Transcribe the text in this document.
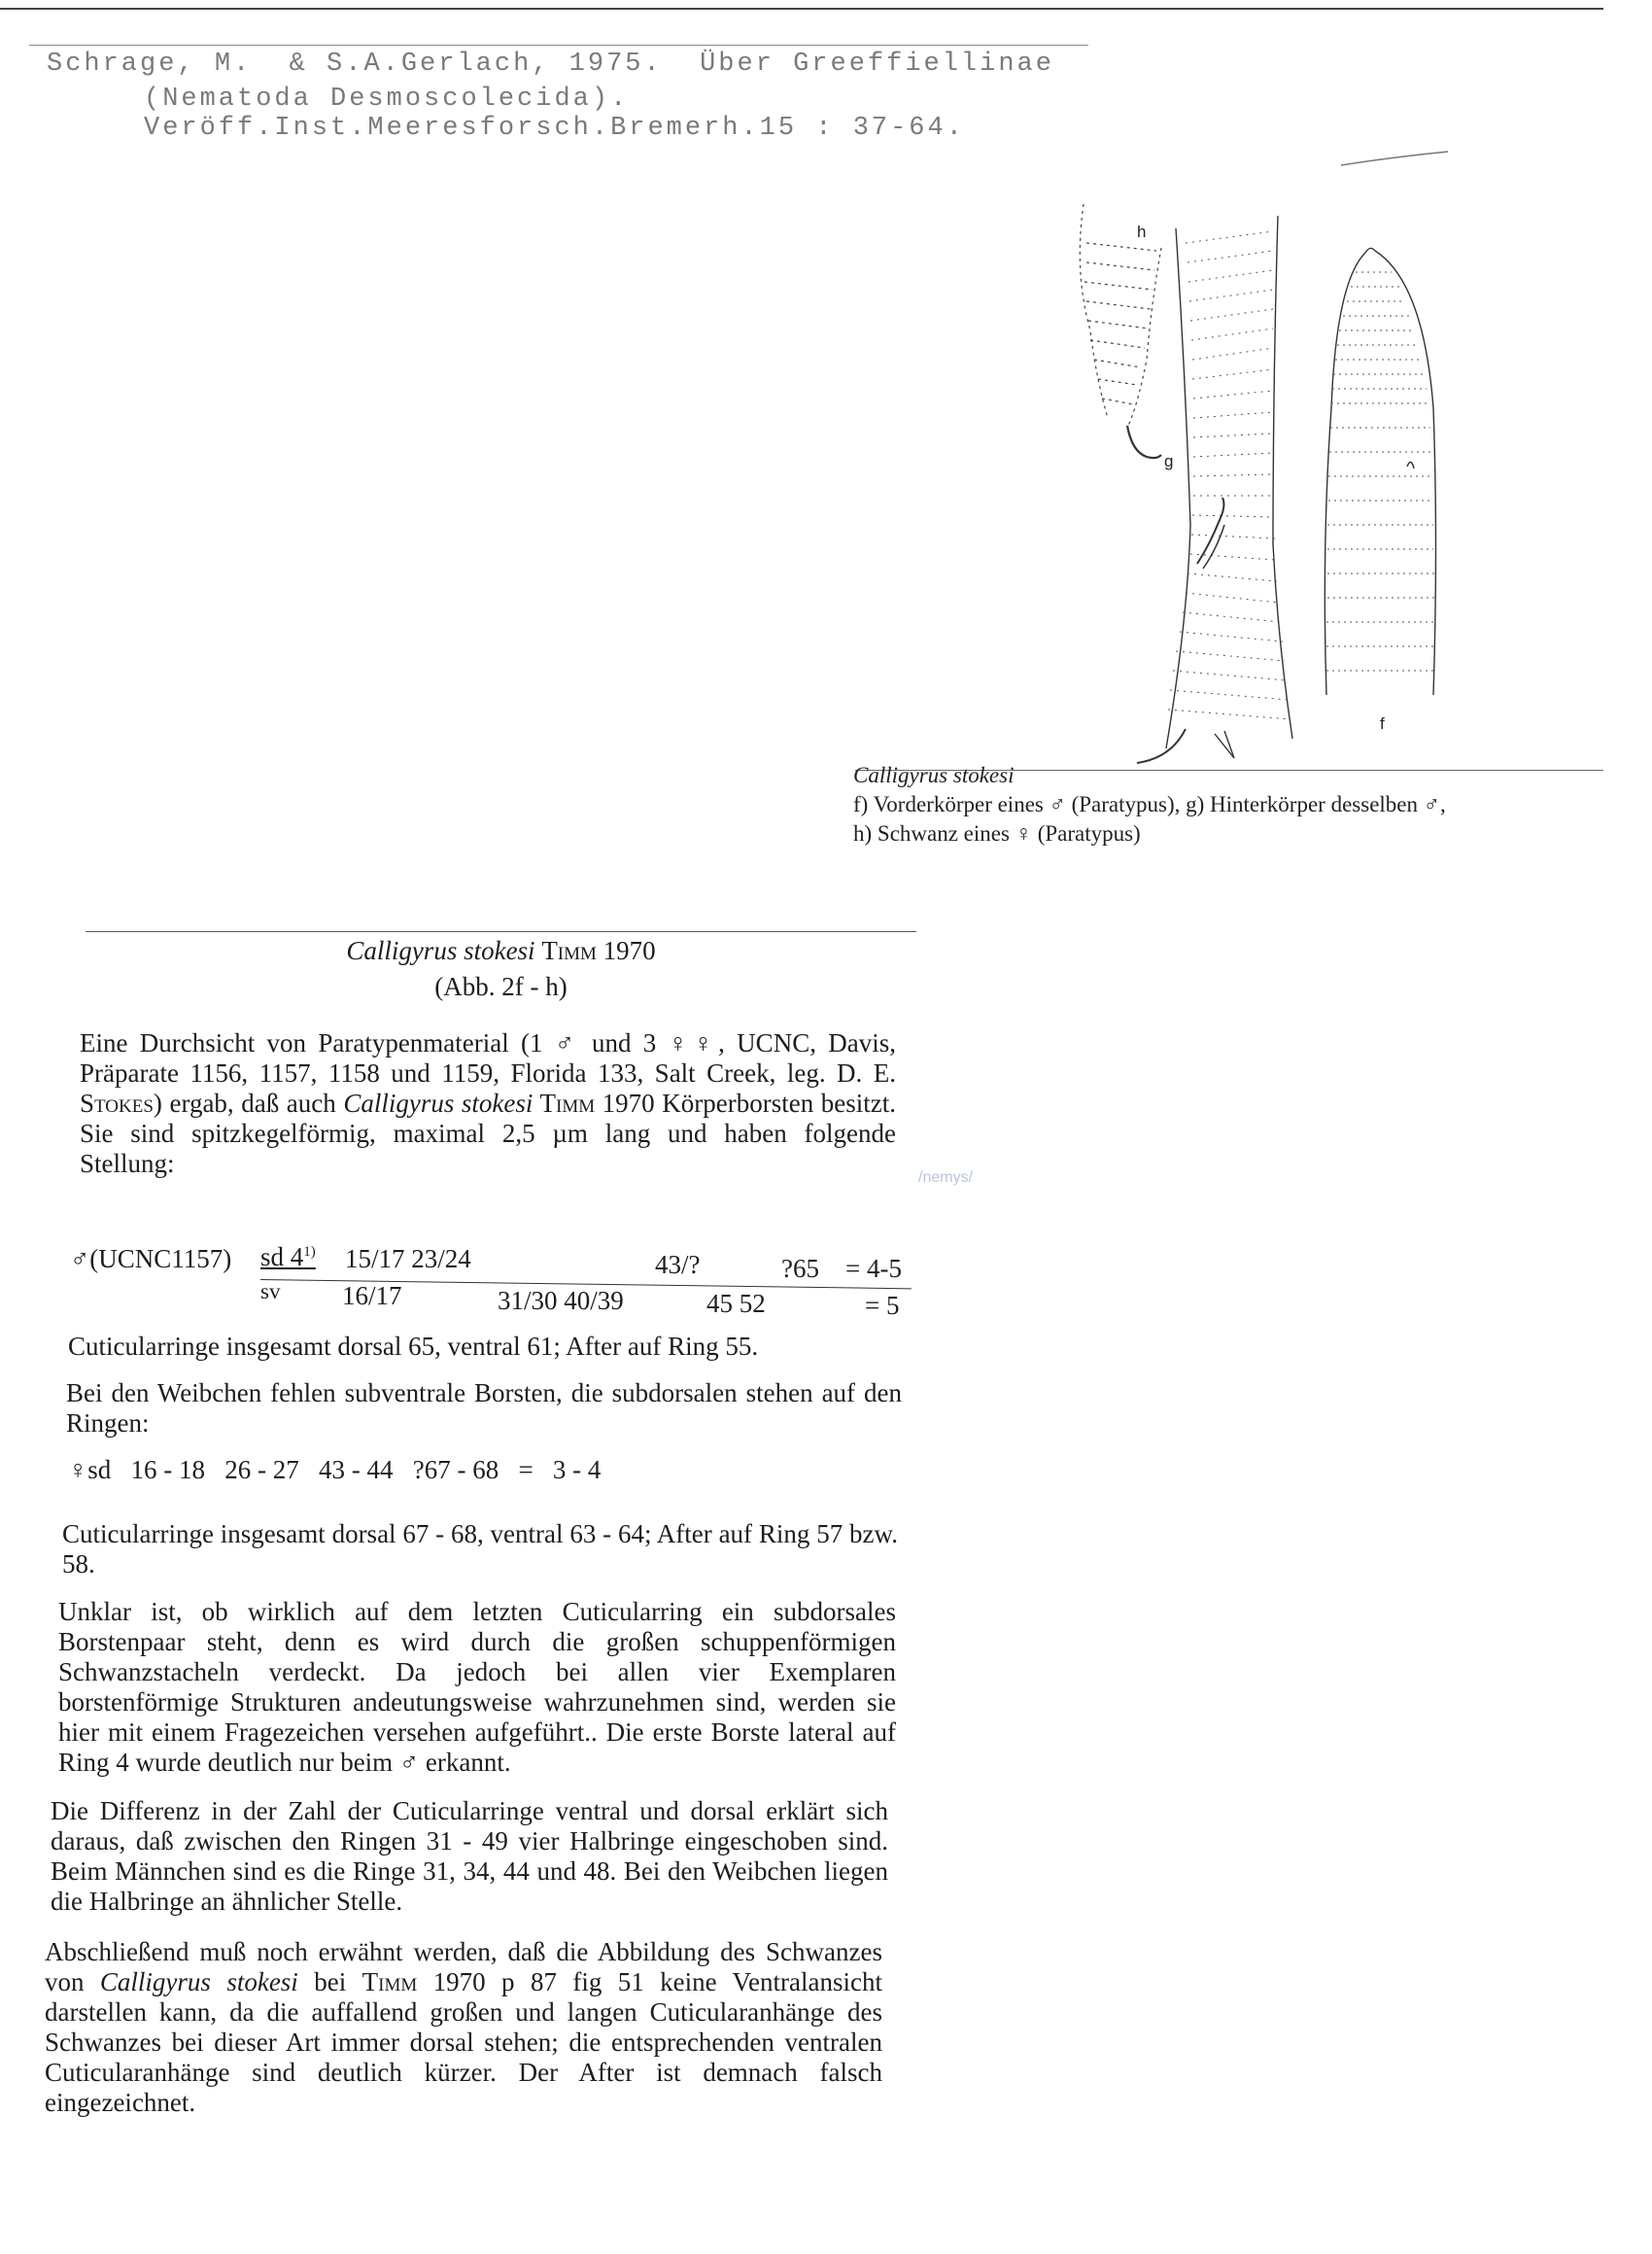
Schrage, M.  & S.A.Gerlach, 1975.  Über Greeffiellinae
(Nematoda Desmoscolecida).
Veröff.Inst.Meeresforsch.Bremerh.15 : 37-64.
h
g
f
Calligyrus stokesi
f) Vorderkörper eines ♂ (Paratypus), g) Hinterkörper desselben ♂,
h) Schwanz eines ♀ (Paratypus)
Calligyrus stokesi Timm 1970
(Abb. 2f - h)
/nemys/
Eine Durchsicht von Paratypenmaterial (1 ♂ und 3 ♀♀, UCNC, Davis, Präparate 1156, 1157, 1158 und 1159, Florida 133, Salt Creek, leg. D. E. Stokes) ergab, daß auch Calligyrus stokesi Timm 1970 Körperborsten besitzt. Sie sind spitzkegelförmig, maximal 2,5 µm lang und haben folgende Stellung:
♂(UCNC1157) sd 4$^{1)}$ 15/17 23/24	43/?	?65 = 4-5
sv 16/17	31/30 40/39	45 52	= 5
Cuticularringe insgesamt dorsal 65, ventral 61; After auf Ring 55.
Bei den Weibchen fehlen subventrale Borsten, die subdorsalen stehen auf den Ringen:
♀sd   16 - 18   26 - 27   43 - 44   ?67 - 68   =   3 - 4
Cuticularringe insgesamt dorsal 67 - 68, ventral 63 - 64; After auf Ring 57 bzw. 58.
Unklar ist, ob wirklich auf dem letzten Cuticularring ein subdorsales Borstenpaar steht, denn es wird durch die großen schuppenförmigen Schwanzstacheln verdeckt. Da jedoch bei allen vier Exemplaren borstenförmige Strukturen andeutungsweise wahrzunehmen sind, werden sie hier mit einem Fragezeichen versehen aufgeführt.. Die erste Borste lateral auf Ring 4 wurde deutlich nur beim ♂ erkannt.
Die Differenz in der Zahl der Cuticularringe ventral und dorsal erklärt sich daraus, daß zwischen den Ringen 31 - 49 vier Halbringe eingeschoben sind. Beim Männchen sind es die Ringe 31, 34, 44 und 48. Bei den Weibchen liegen die Halbringe an ähnlicher Stelle.
Abschließend muß noch erwähnt werden, daß die Abbildung des Schwanzes von Calligyrus stokesi bei Timm 1970 p 87 fig 51 keine Ventralansicht darstellen kann, da die auffallend großen und langen Cuticularanhänge des Schwanzes bei dieser Art immer dorsal stehen; die entsprechenden ventralen Cuticularanhänge sind deutlich kürzer. Der After ist demnach falsch eingezeichnet.
